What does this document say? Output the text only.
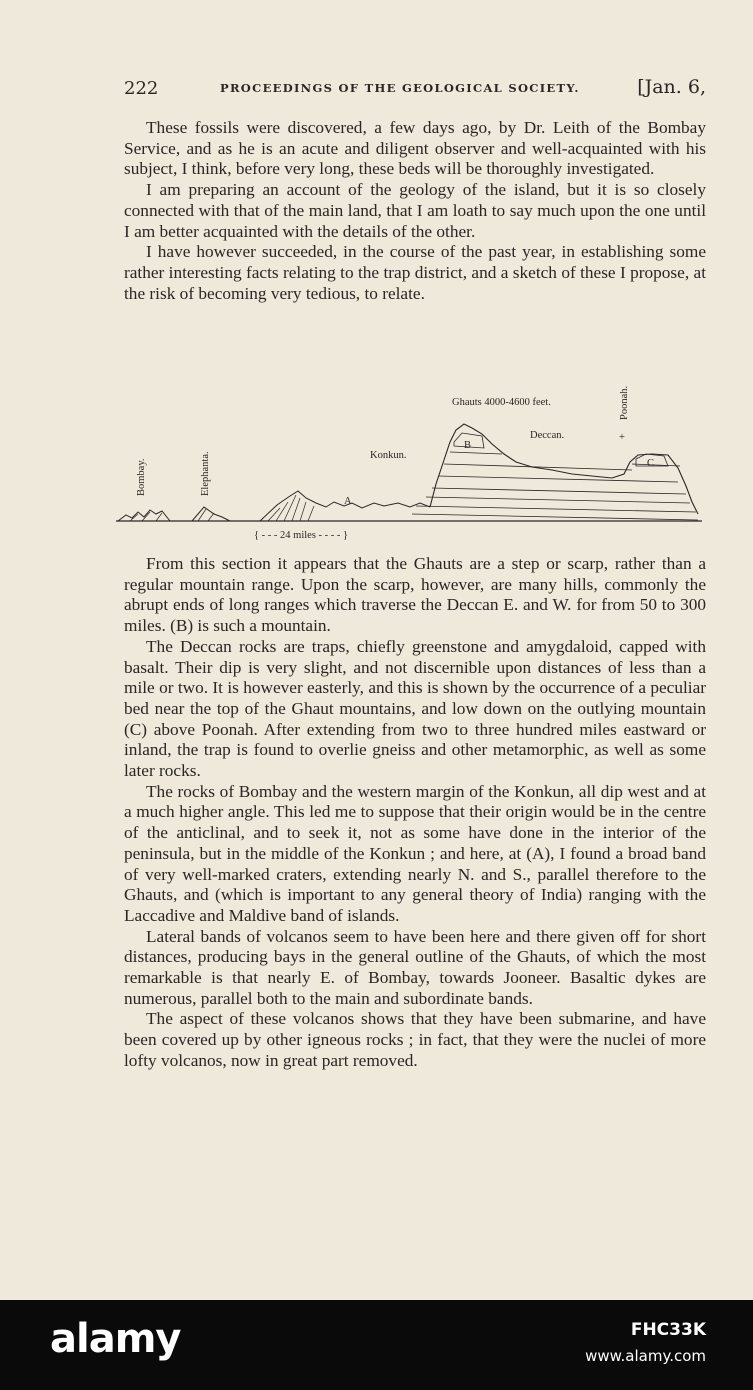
222	PROCEEDINGS OF THE GEOLOGICAL SOCIETY.	[Jan. 6,

These fossils were discovered, a few days ago, by Dr. Leith of the Bombay Service, and as he is an acute and diligent observer and well-acquainted with his subject, I think, before very long, these beds will be thoroughly investigated.

I am preparing an account of the geology of the island, but it is so closely connected with that of the main land, that I am loath to say much upon the one until I am better acquainted with the details of the other.

I have however succeeded, in the course of the past year, in establishing some rather interesting facts relating to the trap district, and a sketch of these I propose, at the risk of becoming very tedious, to relate.

Bombay.	Elephanta.	Konkun.
Ghauts 4000-4600 feet.
Deccan.
Poonah.
+
A
B
C
{ - - - 24 miles - - - - }

From this section it appears that the Ghauts are a step or scarp, rather than a regular mountain range. Upon the scarp, however, are many hills, commonly the abrupt ends of long ranges which traverse the Deccan E. and W. for from 50 to 300 miles. (B) is such a mountain.

The Deccan rocks are traps, chiefly greenstone and amygdaloid, capped with basalt. Their dip is very slight, and not discernible upon distances of less than a mile or two. It is however easterly, and this is shown by the occurrence of a peculiar bed near the top of the Ghaut mountains, and low down on the outlying mountain (C) above Poonah. After extending from two to three hundred miles eastward or inland, the trap is found to overlie gneiss and other metamorphic, as well as some later rocks.

The rocks of Bombay and the western margin of the Konkun, all dip west and at a much higher angle. This led me to suppose that their origin would be in the centre of the anticlinal, and to seek it, not as some have done in the interior of the peninsula, but in the middle of the Konkun ; and here, at (A), I found a broad band of very well-marked craters, extending nearly N. and S., parallel therefore to the Ghauts, and (which is important to any general theory of India) ranging with the Laccadive and Maldive band of islands.

Lateral bands of volcanos seem to have been here and there given off for short distances, producing bays in the general outline of the Ghauts, of which the most remarkable is that nearly E. of Bombay, towards Jooneer. Basaltic dykes are numerous, parallel both to the main and subordinate bands.

The aspect of these volcanos shows that they have been submarine, and have been covered up by other igneous rocks ; in fact, that they were the nuclei of more lofty volcanos, now in great part removed.

alamy	FHC33K
www.alamy.com
